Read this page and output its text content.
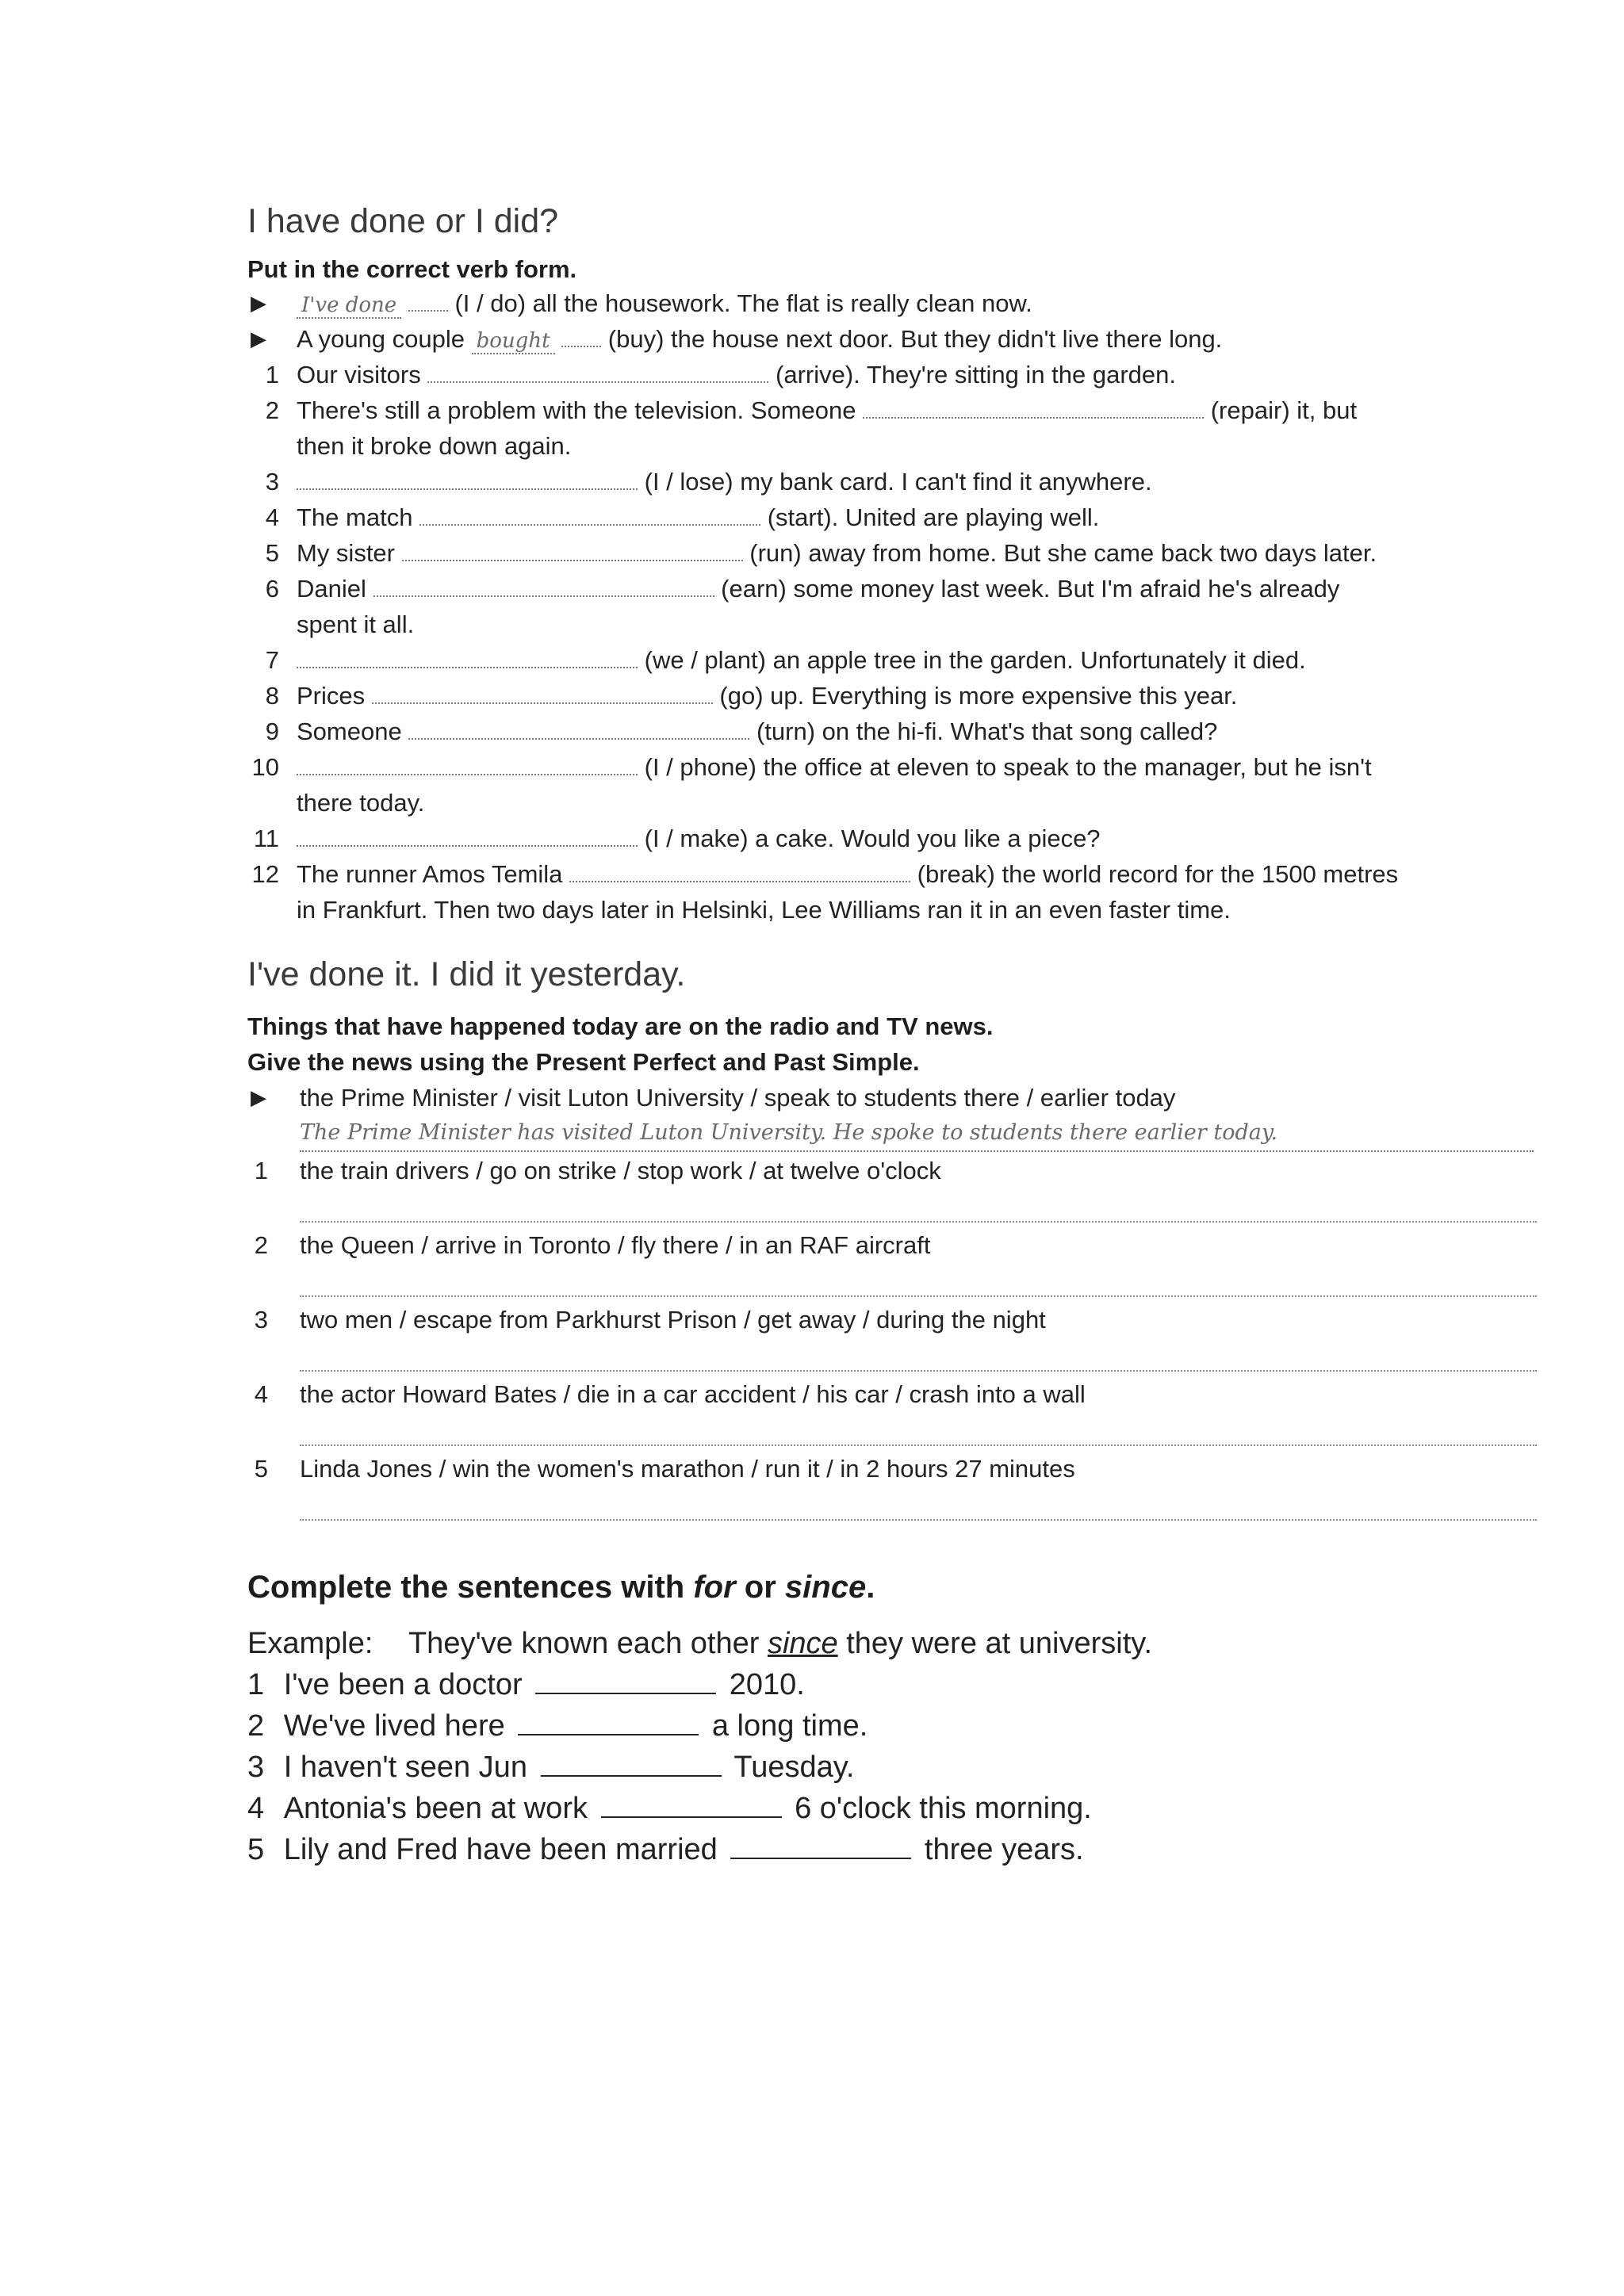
I have done or I did?
Put in the correct verb form.
▶ I've done (I / do) all the housework. The flat is really clean now.
▶ A young couple bought (buy) the house next door. But they didn't live there long.
1 Our visitors	(arrive). They're sitting in the garden.
2 There's still a problem with the television. Someone	(repair) it, but
then it broke down again.
3	(I / lose) my bank card. I can't find it anywhere.
4 The match	(start). United are playing well.
5 My sister	(run) away from home. But she came back two days later.
6 Daniel	(earn) some money last week. But I'm afraid he's already
spent it all.
7	(we / plant) an apple tree in the garden. Unfortunately it died.
8 Prices	(go) up. Everything is more expensive this year.
9 Someone	(turn) on the hi-fi. What's that song called?
10	(I / phone) the office at eleven to speak to the manager, but he isn't
there today.
11	(I / make) a cake. Would you like a piece?
12 The runner Amos Temila	(break) the world record for the 1500 metres
in Frankfurt. Then two days later in Helsinki, Lee Williams ran it in an even faster time.
I've done it. I did it yesterday.
Things that have happened today are on the radio and TV news.
Give the news using the Present Perfect and Past Simple.
▶ the Prime Minister / visit Luton University / speak to students there / earlier today
The Prime Minister has visited Luton University. He spoke to students there earlier today.
1 the train drivers / go on strike / stop work / at twelve o'clock
2 the Queen / arrive in Toronto / fly there / in an RAF aircraft
3 two men / escape from Parkhurst Prison / get away / during the night
4 the actor Howard Bates / die in a car accident / his car / crash into a wall
5 Linda Jones / win the women's marathon / run it / in 2 hours 27 minutes
Complete the sentences with for or since.
Example: They've known each other since they were at university.
1 I've been a doctor	2010.
2 We've lived here	a long time.
3 I haven't seen Jun	Tuesday.
4 Antonia's been at work	6 o'clock this morning.
5 Lily and Fred have been married	three years.
